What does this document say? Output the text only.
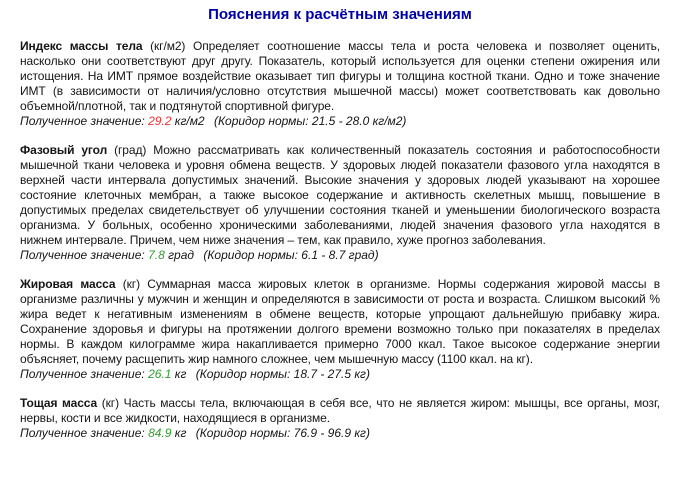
Пояснения к расчётным значениям

Индекс массы тела (кг/м2) Определяет соотношение массы тела и роста человека и позволяет оценить, насколько они соответствуют друг другу. Показатель, который используется для оценки степени ожирения или истощения. На ИМТ прямое воздействие оказывает тип фигуры и толщина костной ткани. Одно и тоже значение ИМТ (в зависимости от наличия/условно отсутствия мышечной массы) может соответствовать как довольно объемной/плотной, так и подтянутой спортивной фигуре.

Полученное значение: 29.2 кг/м2 (Коридор нормы: 21.5 - 28.0 кг/м2)

Фазовый угол (град) Можно рассматривать как количественный показатель состояния и работоспособности мышечной ткани человека и уровня обмена веществ. У здоровых людей показатели фазового угла находятся в верхней части интервала допустимых значений. Высокие значения у здоровых людей указывают на хорошее состояние клеточных мембран, а также высокое содержание и активность скелетных мышц, повышение в допустимых пределах свидетельствует об улучшении состояния тканей и уменьшении биологического возраста организма. У больных, особенно хроническими заболеваниями, людей значения фазового угла находятся в нижнем интервале. Причем, чем ниже значения – тем, как правило, хуже прогноз заболевания.

Полученное значение: 7.8 град (Коридор нормы: 6.1 - 8.7 град)

Жировая масса (кг) Суммарная масса жировых клеток в организме. Нормы содержания жировой массы в организме различны у мужчин и женщин и определяются в зависимости от роста и возраста. Слишком высокий % жира ведет к негативным изменениям в обмене веществ, которые упрощают дальнейшую прибавку жира. Сохранение здоровья и фигуры на протяжении долгого времени возможно только при показателях в пределах нормы. В каждом килограмме жира накапливается примерно 7000 ккал. Такое высокое содержание энергии объясняет, почему расщепить жир намного сложнее, чем мышечную массу (1100 ккал. на кг).

Полученное значение: 26.1 кг (Коридор нормы: 18.7 - 27.5 кг)

Тощая масса (кг) Часть массы тела, включающая в себя все, что не является жиром: мышцы, все органы, мозг, нервы, кости и все жидкости, находящиеся в организме.

Полученное значение: 84.9 кг (Коридор нормы: 76.9 - 96.9 кг)
